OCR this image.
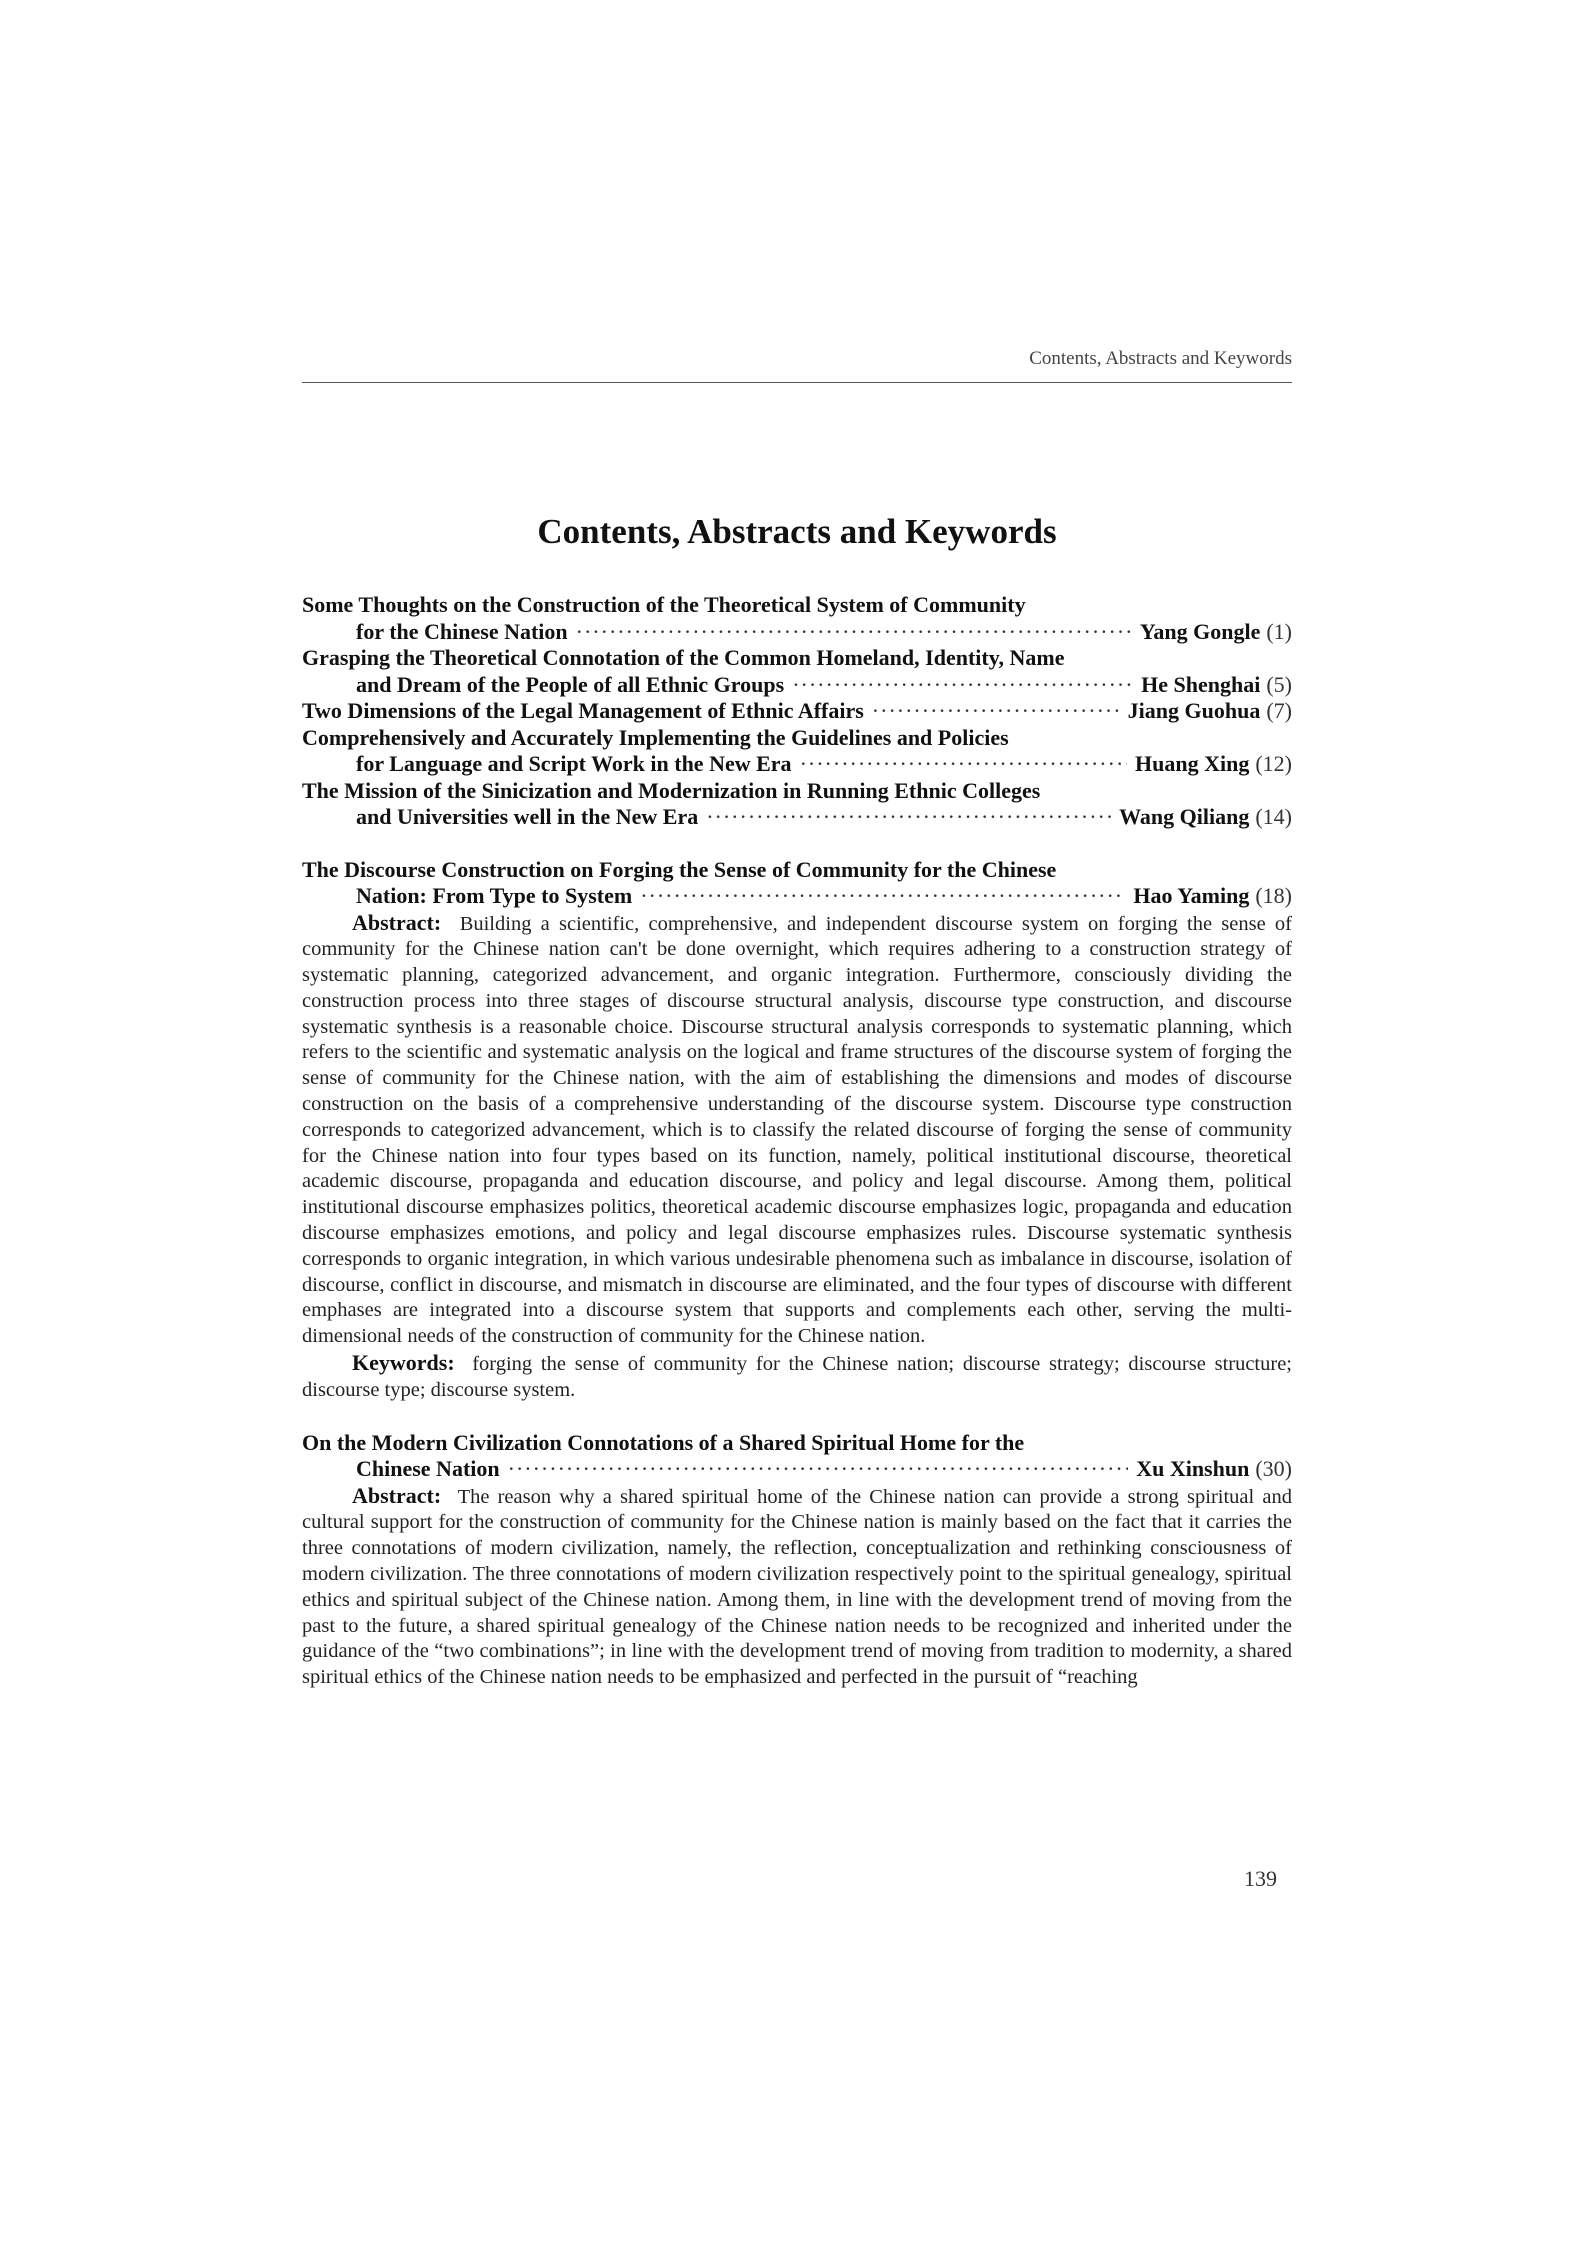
Contents, Abstracts and Keywords
Contents, Abstracts and Keywords
Some Thoughts on the Construction of the Theoretical System of Community
for the Chinese Nation ·····	Yang Gongle (1)
Grasping the Theoretical Connotation of the Common Homeland, Identity, Name
and Dream of the People of all Ethnic Groups ·····	He Shenghai (5)
Two Dimensions of the Legal Management of Ethnic Affairs ·····	Jiang Guohua (7)
Comprehensively and Accurately Implementing the Guidelines and Policies
for Language and Script Work in the New Era ·····	Huang Xing (12)
The Mission of the Sinicization and Modernization in Running Ethnic Colleges
and Universities well in the New Era ·····	Wang Qiliang (14)
The Discourse Construction on Forging the Sense of Community for the Chinese
Nation: From Type to System ·····	Hao Yaming (18)

Abstract: Building a scientific, comprehensive, and independent discourse system on forging the sense of community for the Chinese nation can't be done overnight, which requires adhering to a construction strategy of systematic planning, categorized advancement, and organic integration. Furthermore, consciously dividing the construction process into three stages of discourse structural analysis, discourse type construction, and discourse systematic synthesis is a reasonable choice. Discourse structural analysis corresponds to systematic planning, which refers to the scientific and systematic analysis on the logical and frame structures of the discourse system of forging the sense of community for the Chinese nation, with the aim of establishing the dimensions and modes of discourse construction on the basis of a comprehensive understanding of the discourse system. Discourse type construction corresponds to categorized advancement, which is to classify the related discourse of forging the sense of community for the Chinese nation into four types based on its function, namely, political institutional discourse, theoretical academic discourse, propaganda and education discourse, and policy and legal discourse. Among them, political institutional discourse emphasizes politics, theoretical academic discourse emphasizes logic, propaganda and education discourse emphasizes emotions, and policy and legal discourse emphasizes rules. Discourse systematic synthesis corresponds to organic integration, in which various undesirable phenomena such as imbalance in discourse, isolation of discourse, conflict in discourse, and mismatch in discourse are eliminated, and the four types of discourse with different emphases are integrated into a discourse system that supports and complements each other, serving the multi-dimensional needs of the construction of community for the Chinese nation.

Keywords: forging the sense of community for the Chinese nation; discourse strategy; discourse structure; discourse type; discourse system.

On the Modern Civilization Connotations of a Shared Spiritual Home for the
Chinese Nation ·····	Xu Xinshun (30)

Abstract: The reason why a shared spiritual home of the Chinese nation can provide a strong spiritual and cultural support for the construction of community for the Chinese nation is mainly based on the fact that it carries the three connotations of modern civilization, namely, the reflection, conceptualization and rethinking consciousness of modern civilization. The three connotations of modern civilization respectively point to the spiritual genealogy, spiritual ethics and spiritual subject of the Chinese nation. Among them, in line with the development trend of moving from the past to the future, a shared spiritual genealogy of the Chinese nation needs to be recognized and inherited under the guidance of the “two combinations”; in line with the development trend of moving from tradition to modernity, a shared spiritual ethics of the Chinese nation needs to be emphasized and perfected in the pursuit of “reaching

139
